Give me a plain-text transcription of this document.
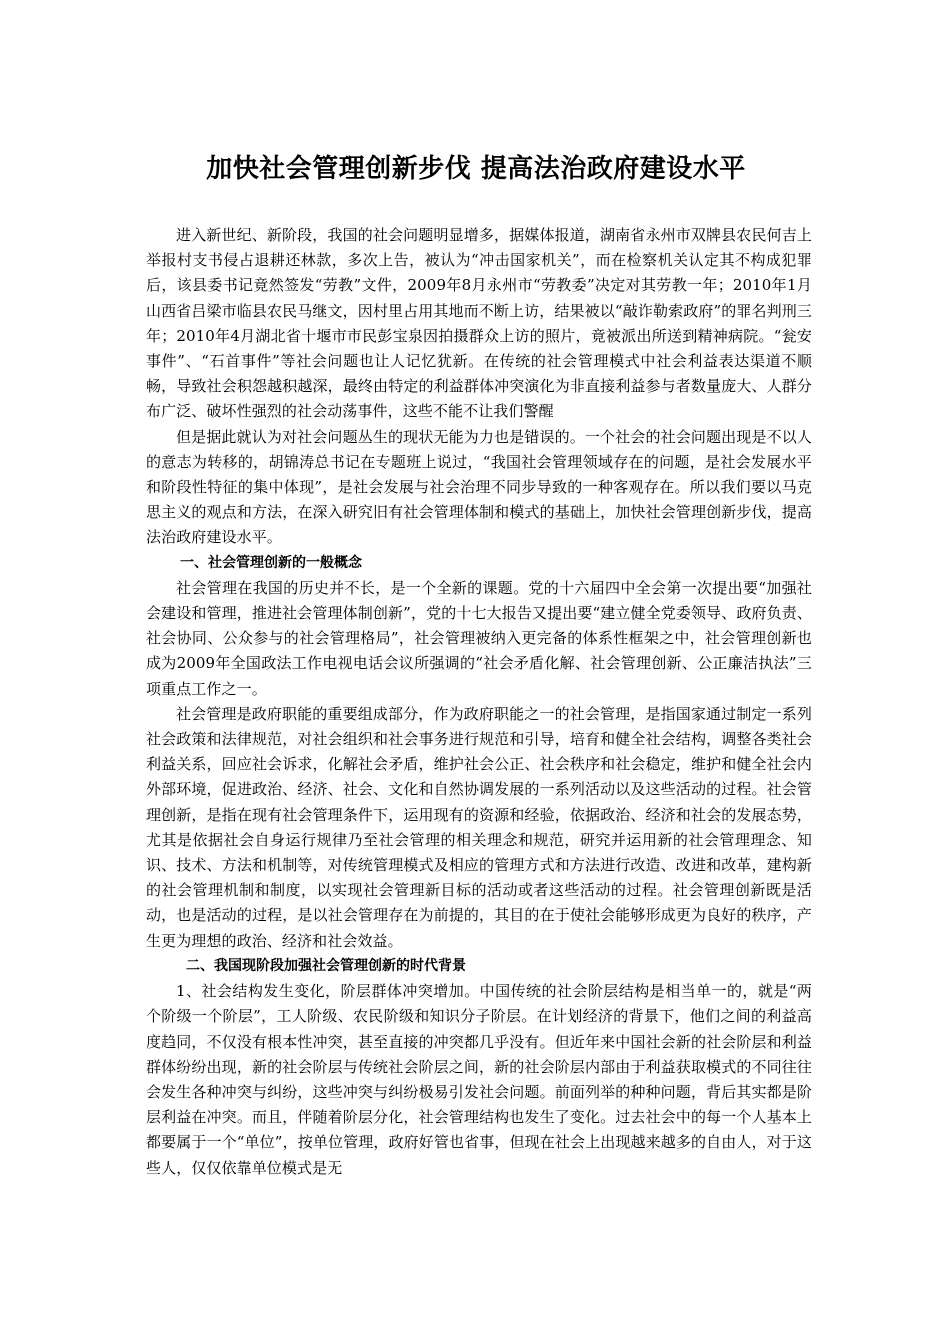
加快社会管理创新步伐 提高法治政府建设水平

进入新世纪、新阶段，我国的社会问题明显增多，据媒体报道，湖南省永州市双牌县农民何吉上举报村支书侵占退耕还林款，多次上告，被认为“冲击国家机关”，而在检察机关认定其不构成犯罪后，该县委书记竟然签发“劳教”文件，2009年8月永州市“劳教委”决定对其劳教一年；2010年1月山西省吕梁市临县农民马继文，因村里占用其地而不断上访，结果被以“敲诈勒索政府”的罪名判刑三年；2010年4月湖北省十堰市市民彭宝泉因拍摄群众上访的照片，竟被派出所送到精神病院。“瓮安事件”、“石首事件”等社会问题也让人记忆犹新。在传统的社会管理模式中社会利益表达渠道不顺畅，导致社会积怨越积越深，最终由特定的利益群体冲突演化为非直接利益参与者数量庞大、人群分布广泛、破坏性强烈的社会动荡事件，这些不能不让我们警醒

但是据此就认为对社会问题丛生的现状无能为力也是错误的。一个社会的社会问题出现是不以人的意志为转移的，胡锦涛总书记在专题班上说过，“我国社会管理领域存在的问题，是社会发展水平和阶段性特征的集中体现”，是社会发展与社会治理不同步导致的一种客观存在。所以我们要以马克思主义的观点和方法，在深入研究旧有社会管理体制和模式的基础上，加快社会管理创新步伐，提高法治政府建设水平。

一、社会管理创新的一般概念

社会管理在我国的历史并不长，是一个全新的课题。党的十六届四中全会第一次提出要“加强社会建设和管理，推进社会管理体制创新”，党的十七大报告又提出要“建立健全党委领导、政府负责、社会协同、公众参与的社会管理格局”，社会管理被纳入更完备的体系性框架之中，社会管理创新也成为2009年全国政法工作电视电话会议所强调的“社会矛盾化解、社会管理创新、公正廉洁执法”三项重点工作之一。

社会管理是政府职能的重要组成部分，作为政府职能之一的社会管理，是指国家通过制定一系列社会政策和法律规范，对社会组织和社会事务进行规范和引导，培育和健全社会结构，调整各类社会利益关系，回应社会诉求，化解社会矛盾，维护社会公正、社会秩序和社会稳定，维护和健全社会内外部环境，促进政治、经济、社会、文化和自然协调发展的一系列活动以及这些活动的过程。社会管理创新，是指在现有社会管理条件下，运用现有的资源和经验，依据政治、经济和社会的发展态势，尤其是依据社会自身运行规律乃至社会管理的相关理念和规范，研究并运用新的社会管理理念、知识、技术、方法和机制等，对传统管理模式及相应的管理方式和方法进行改造、改进和改革，建构新的社会管理机制和制度，以实现社会管理新目标的活动或者这些活动的过程。社会管理创新既是活动，也是活动的过程，是以社会管理存在为前提的，其目的在于使社会能够形成更为良好的秩序，产生更为理想的政治、经济和社会效益。

二、我国现阶段加强社会管理创新的时代背景

1、社会结构发生变化，阶层群体冲突增加。中国传统的社会阶层结构是相当单一的，就是“两个阶级一个阶层”，工人阶级、农民阶级和知识分子阶层。在计划经济的背景下，他们之间的利益高度趋同，不仅没有根本性冲突，甚至直接的冲突都几乎没有。但近年来中国社会新的社会阶层和利益群体纷纷出现，新的社会阶层与传统社会阶层之间，新的社会阶层内部由于利益获取模式的不同往往会发生各种冲突与纠纷，这些冲突与纠纷极易引发社会问题。前面列举的种种问题，背后其实都是阶层利益在冲突。而且，伴随着阶层分化，社会管理结构也发生了变化。过去社会中的每一个人基本上都要属于一个“单位”，按单位管理，政府好管也省事，但现在社会上出现越来越多的自由人，对于这些人，仅仅依靠单位模式是无
